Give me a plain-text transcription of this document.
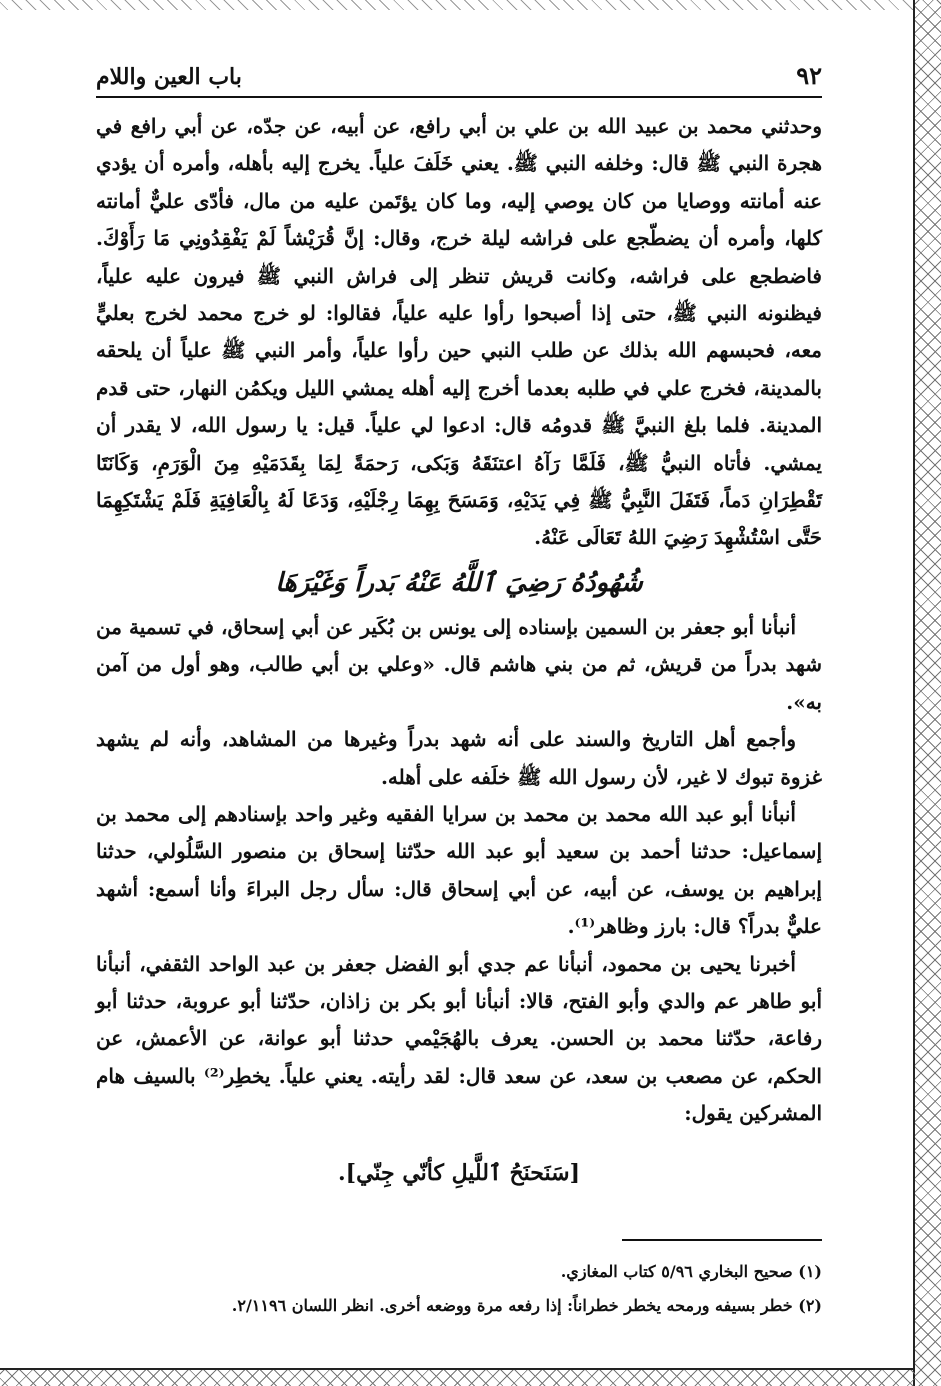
٩٢
باب العين واللام

وحدثني محمد بن عبيد الله بن علي بن أبي رافع، عن أبيه، عن جدّه، عن أبي رافع في هجرة النبي ﷺ قال: وخلفه النبي ﷺ. يعني خَلَفَ علياً. يخرج إليه بأهله، وأمره أن يؤدي عنه أمانته ووصايا من كان يوصي إليه، وما كان يؤتَمن عليه من مال، فأدّى عليٌّ أمانته كلها، وأمره أن يضطّجع على فراشه ليلة خرج، وقال: إنَّ قُرَيْشاً لَمْ يَفْقِدُونِي مَا رَأَوْكَ. فاضطجع على فراشه، وكانت قريش تنظر إلى فراش النبي ﷺ فيرون عليه علياً، فيظنونه النبي ﷺ، حتى إذا أصبحوا رأوا عليه علياً، فقالوا: لو خرج محمد لخرج بعليٍّ معه، فحبسهم الله بذلك عن طلب النبي حين رأوا علياً، وأمر النبي ﷺ علياً أن يلحقه بالمدينة، فخرج علي في طلبه بعدما أخرج إليه أهله يمشي الليل ويكمُن النهار، حتى قدم المدينة. فلما بلغ النبيَّ ﷺ قدومُه قال: ادعوا لي علياً. قيل: يا رسول الله، لا يقدر أن يمشي. فأتاه النبيُّ ﷺ، فَلَمَّا رَآهُ اعتنَقَهُ وَبَكى، رَحمَةً لِمَا بِقَدَمَيْهِ مِنَ الْوَرَمِ، وَكَانَتَا تَقْطِرَانِ دَماً، فَتَفَلَ النَّبِيُّ ﷺ فِي يَدَيْهِ، وَمَسَحَ بِهِمَا رِجْلَيْهِ، وَدَعَا لَهُ بِالْعَافِيَةِ فَلَمْ يَشْتَكِهِمَا حَتَّى اسْتُشْهِدَ رَضِيَ اللهُ تَعَالَى عَنْهُ.

شُهُودُهُ رَضِيَ ٱللَّهُ عَنْهُ بَدراً وَغَيْرَهَا

أنبأنا أبو جعفر بن السمين بإسناده إلى يونس بن بُكَير عن أبي إسحاق، في تسمية من شهد بدراً من قريش، ثم من بني هاشم قال. «وعلي بن أبي طالب، وهو أول من آمن به».

وأجمع أهل التاريخ والسند على أنه شهد بدراً وغيرها من المشاهد، وأنه لم يشهد غزوة تبوك لا غير، لأن رسول الله ﷺ خلَفه على أهله.

أنبأنا أبو عبد الله محمد بن محمد بن سرايا الفقيه وغير واحد بإسنادهم إلى محمد بن إسماعيل: حدثنا أحمد بن سعيد أبو عبد الله حدّثنا إسحاق بن منصور السَّلُولي، حدثنا إبراهيم بن يوسف، عن أبيه، عن أبي إسحاق قال: سأل رجل البراءَ وأنا أسمع: أشهد عليٌّ بدراً؟ قال: بارز وظاهر⁽¹⁾.

أخبرنا يحيى بن محمود، أنبأنا عم جدي أبو الفضل جعفر بن عبد الواحد الثقفي، أنبأنا أبو طاهر عم والدي وأبو الفتح، قالا: أنبأنا أبو بكر بن زاذان، حدّثنا أبو عروبة، حدثنا أبو رفاعة، حدّثنا محمد بن الحسن. يعرف بالهُجَيْمي حدثنا أبو عوانة، عن الأعمش، عن الحكم، عن مصعب بن سعد، عن سعد قال: لقد رأيته. يعني علياً. يخطِر⁽²⁾ بالسيف هام المشركين يقول:

[سَنَحنَحُ ٱللَّيلِ كأنّي جِنّي].

(١) صحيح البخاري ٥/٩٦ كتاب المغازي.

(٢) خطر بسيفه ورمحه يخطر خطراناً: إذا رفعه مرة ووضعه أخرى. انظر اللسان ٢/١١٩٦.
